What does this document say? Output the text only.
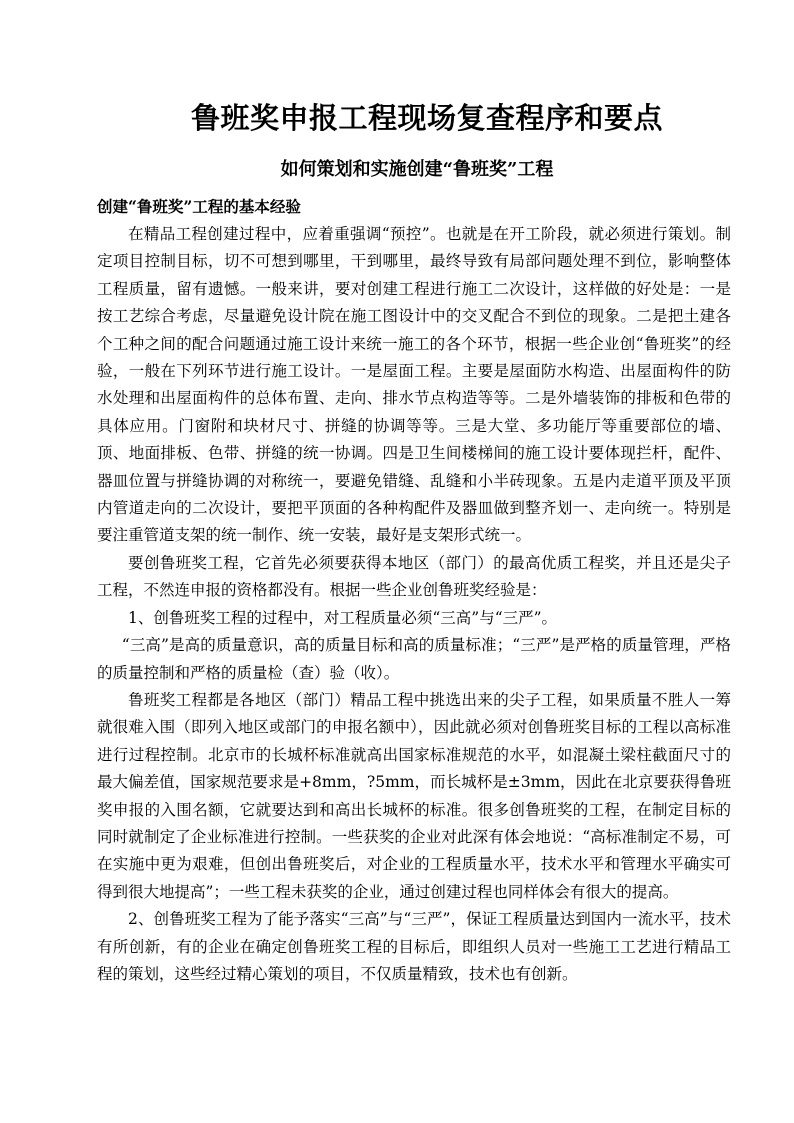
鲁班奖申报工程现场复查程序和要点
如何策划和实施创建“鲁班奖”工程
创建“鲁班奖”工程的基本经验

在精品工程创建过程中，应着重强调“预控”。也就是在开工阶段，就必须进行策划。制定项目控制目标，切不可想到哪里，干到哪里，最终导致有局部问题处理不到位，影响整体工程质量，留有遗憾。一般来讲，要对创建工程进行施工二次设计，这样做的好处是：一是按工艺综合考虑，尽量避免设计院在施工图设计中的交叉配合不到位的现象。二是把土建各个工种之间的配合问题通过施工设计来统一施工的各个环节，根据一些企业创“鲁班奖”的经验，一般在下列环节进行施工设计。一是屋面工程。主要是屋面防水构造、出屋面构件的防水处理和出屋面构件的总体布置、走向、排水节点构造等等。二是外墙装饰的排板和色带的具体应用。门窗附和块材尺寸、拼缝的协调等等。三是大堂、多功能厅等重要部位的墙、顶、地面排板、色带、拼缝的统一协调。四是卫生间楼梯间的施工设计要体现拦杆，配件、器皿位置与拼缝协调的对称统一，要避免错缝、乱缝和小半砖现象。五是内走道平顶及平顶内管道走向的二次设计，要把平顶面的各种构配件及器皿做到整齐划一、走向统一。特别是要注重管道支架的统一制作、统一安装，最好是支架形式统一。

要创鲁班奖工程，它首先必须要获得本地区（部门）的最高优质工程奖，并且还是尖子工程，不然连申报的资格都没有。根据一些企业创鲁班奖经验是：

1、创鲁班奖工程的过程中，对工程质量必须“三高”与“三严”。

“三高”是高的质量意识，高的质量目标和高的质量标准；“三严”是严格的质量管理，严格的质量控制和严格的质量检（查）验（收）。

鲁班奖工程都是各地区（部门）精品工程中挑选出来的尖子工程，如果质量不胜人一筹就很难入围（即列入地区或部门的申报名额中），因此就必须对创鲁班奖目标的工程以高标准进行过程控制。北京市的长城杯标准就高出国家标准规范的水平，如混凝土梁柱截面尺寸的最大偏差值，国家规范要求是+8mm，?5mm，而长城杯是±3mm，因此在北京要获得鲁班奖申报的入围名额，它就要达到和高出长城杯的标准。很多创鲁班奖的工程，在制定目标的同时就制定了企业标准进行控制。一些获奖的企业对此深有体会地说：“高标准制定不易，可在实施中更为艰难，但创出鲁班奖后，对企业的工程质量水平，技术水平和管理水平确实可得到很大地提高”；一些工程未获奖的企业，通过创建过程也同样体会有很大的提高。

2、创鲁班奖工程为了能予落实“三高”与“三严”，保证工程质量达到国内一流水平，技术有所创新，有的企业在确定创鲁班奖工程的目标后，即组织人员对一些施工工艺进行精品工程的策划，这些经过精心策划的项目，不仅质量精致，技术也有创新。
